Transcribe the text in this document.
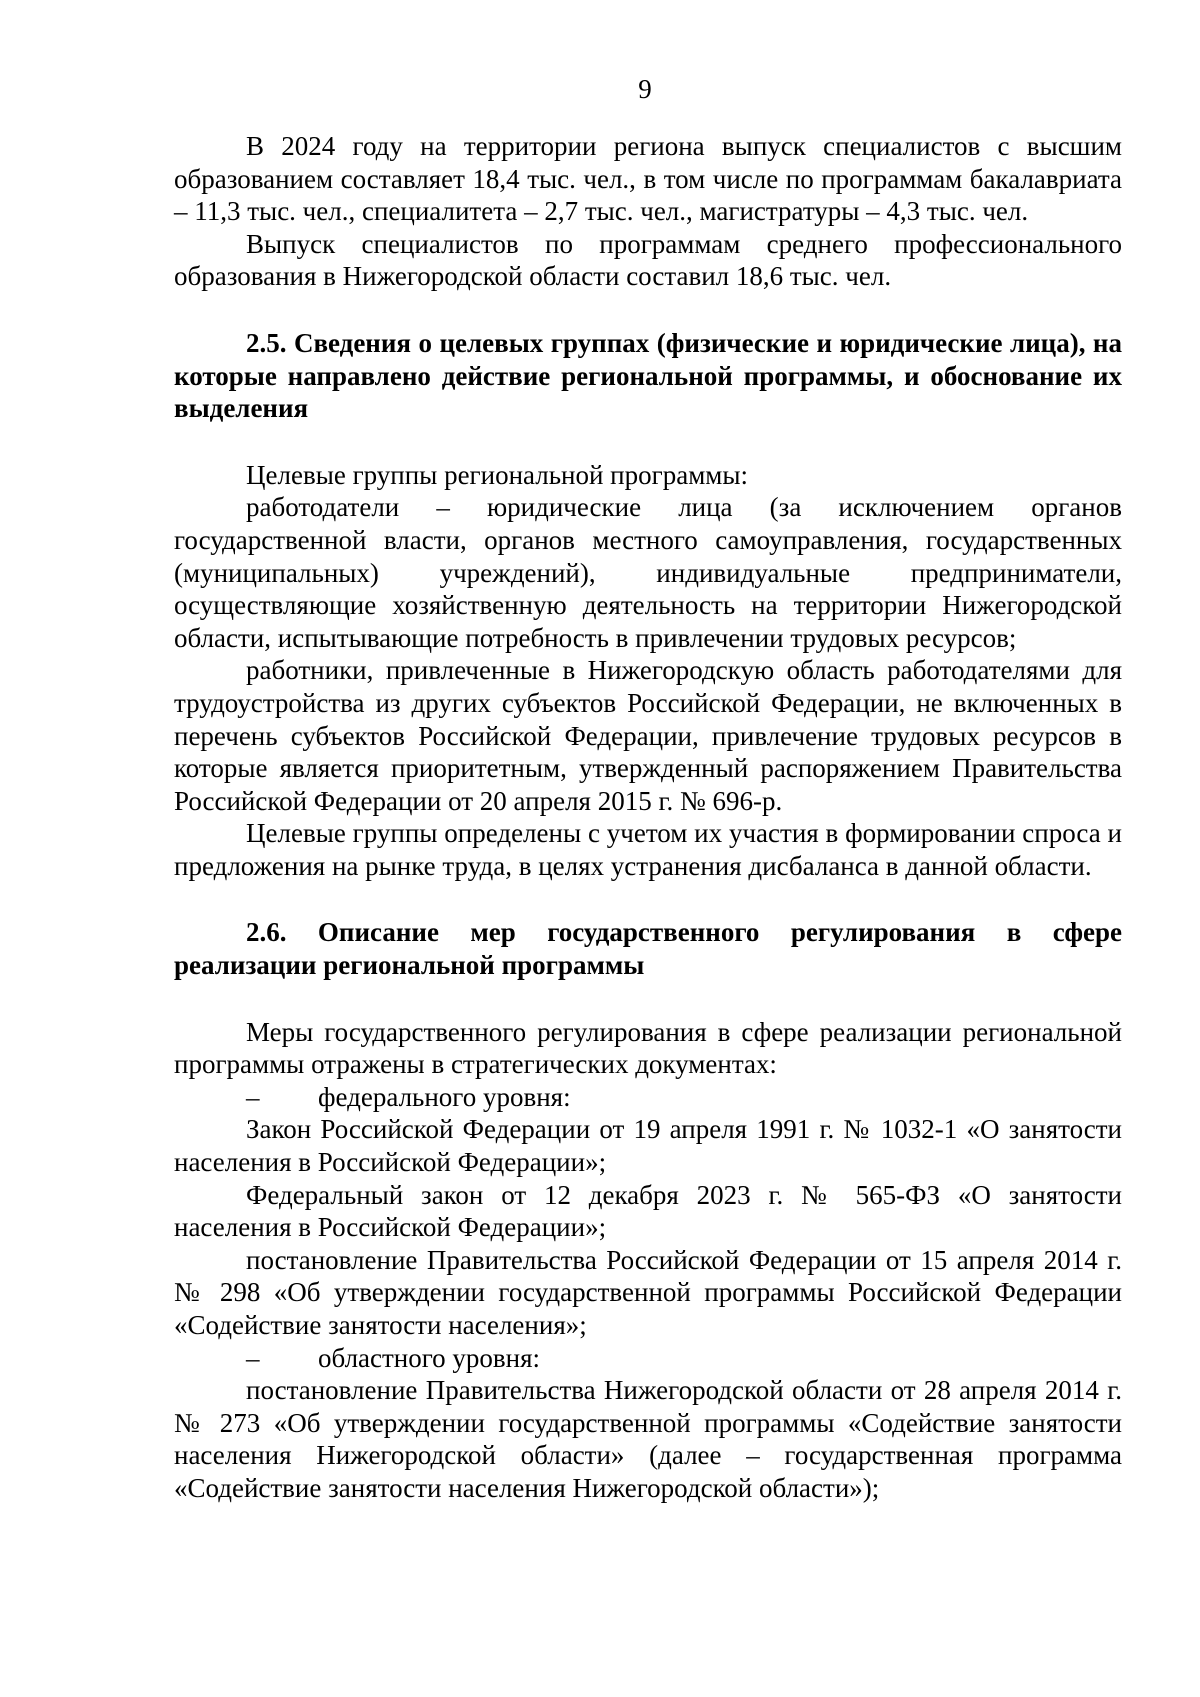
9

В 2024 году на территории региона выпуск специалистов с высшим образованием составляет 18,4 тыс. чел., в том числе по программам бакалавриата – 11,3 тыс. чел., специалитета – 2,7 тыс. чел., магистратуры – 4,3 тыс. чел.

Выпуск специалистов по программам среднего профессионального образования в Нижегородской области составил 18,6 тыс. чел.

2.5. Сведения о целевых группах (физические и юридические лица), на которые направлено действие региональной программы, и обоснование их выделения

Целевые группы региональной программы:

работодатели – юридические лица (за исключением органов государственной власти, органов местного самоуправления, государственных (муниципальных) учреждений), индивидуальные предприниматели, осуществляющие хозяйственную деятельность на территории Нижегородской области, испытывающие потребность в привлечении трудовых ресурсов;

работники, привлеченные в Нижегородскую область работодателями для трудоустройства из других субъектов Российской Федерации, не включенных в перечень субъектов Российской Федерации, привлечение трудовых ресурсов в которые является приоритетным, утвержденный распоряжением Правительства Российской Федерации от 20 апреля 2015 г. № 696-р.

Целевые группы определены с учетом их участия в формировании спроса и предложения на рынке труда, в целях устранения дисбаланса в данной области.

2.6. Описание мер государственного регулирования в сфере реализации региональной программы

Меры государственного регулирования в сфере реализации региональной программы отражены в стратегических документах:

– федерального уровня:

Закон Российской Федерации от 19 апреля 1991 г. № 1032-1 «О занятости населения в Российской Федерации»;

Федеральный закон от 12 декабря 2023 г. № 565-ФЗ «О занятости населения в Российской Федерации»;

постановление Правительства Российской Федерации от 15 апреля 2014 г. № 298 «Об утверждении государственной программы Российской Федерации «Содействие занятости населения»;

– областного уровня:

постановление Правительства Нижегородской области от 28 апреля 2014 г. № 273 «Об утверждении государственной программы «Содействие занятости населения Нижегородской области» (далее – государственная программа «Содействие занятости населения Нижегородской области»);
